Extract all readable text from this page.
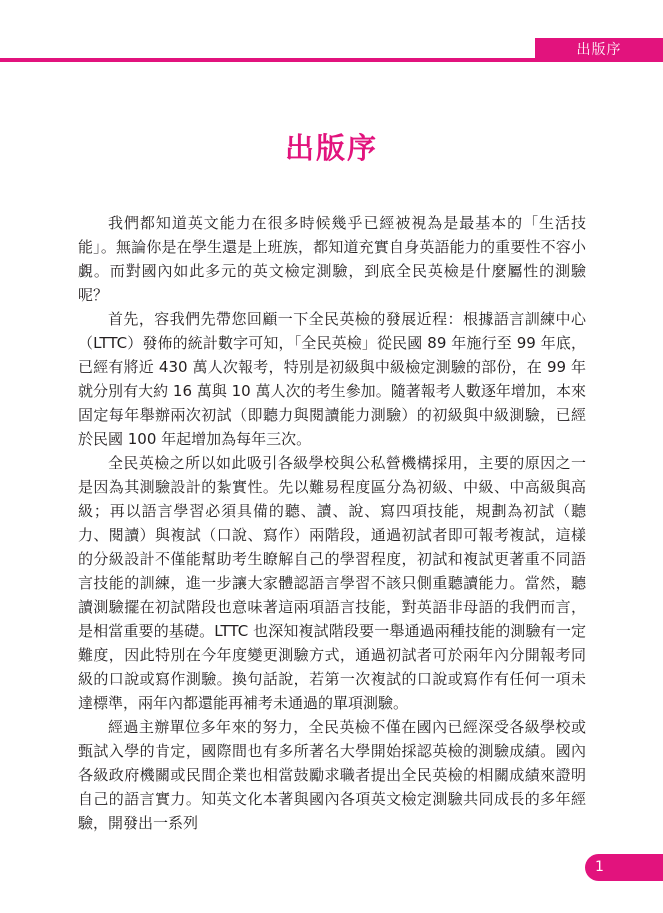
出版序
出版序

我們都知道英文能力在很多時候幾乎已經被視為是最基本的「生活技能」。無論你是在學生還是上班族，都知道充實自身英語能力的重要性不容小覷。而對國內如此多元的英文檢定測驗，到底全民英檢是什麼屬性的測驗呢？

首先，容我們先帶您回顧一下全民英檢的發展近程：根據語言訓練中心（LTTC）發佈的統計數字可知，「全民英檢」從民國 89 年施行至 99 年底，已經有將近 430 萬人次報考，特別是初級與中級檢定測驗的部份，在 99 年就分別有大約 16 萬與 10 萬人次的考生參加。隨著報考人數逐年增加，本來固定每年舉辦兩次初試（即聽力與閱讀能力測驗）的初級與中級測驗，已經於民國 100 年起增加為每年三次。

全民英檢之所以如此吸引各級學校與公私營機構採用，主要的原因之一是因為其測驗設計的紮實性。先以難易程度區分為初級、中級、中高級與高級；再以語言學習必須具備的聽、讀、說、寫四項技能，規劃為初試（聽力、閱讀）與複試（口說、寫作）兩階段，通過初試者即可報考複試，這樣的分級設計不僅能幫助考生瞭解自己的學習程度，初試和複試更著重不同語言技能的訓練，進一步讓大家體認語言學習不該只側重聽讀能力。當然，聽讀測驗擺在初試階段也意味著這兩項語言技能，對英語非母語的我們而言，是相當重要的基礎。LTTC 也深知複試階段要一舉通過兩種技能的測驗有一定難度，因此特別在今年度變更測驗方式，通過初試者可於兩年內分開報考同級的口說或寫作測驗。換句話說，若第一次複試的口說或寫作有任何一項未達標準，兩年內都還能再補考未通過的單項測驗。

經過主辦單位多年來的努力，全民英檢不僅在國內已經深受各級學校或甄試入學的肯定，國際間也有多所著名大學開始採認英檢的測驗成績。國內各級政府機關或民間企業也相當鼓勵求職者提出全民英檢的相關成績來證明自己的語言實力。知英文化本著與國內各項英文檢定測驗共同成長的多年經驗，開發出一系列

1
